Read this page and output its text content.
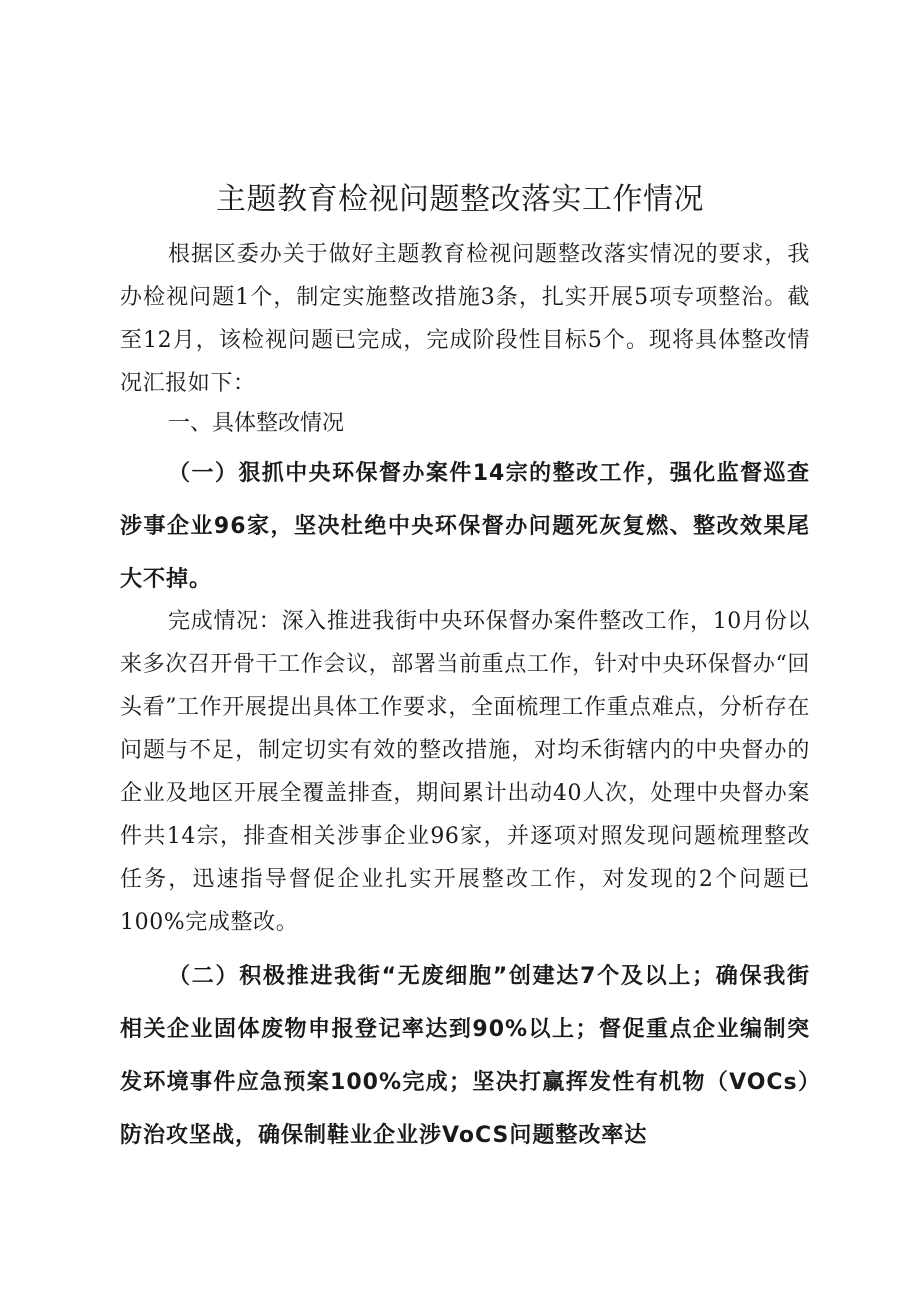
主题教育检视问题整改落实工作情况

根据区委办关于做好主题教育检视问题整改落实情况的要求，我办检视问题1个，制定实施整改措施3条，扎实开展5项专项整治。截至12月，该检视问题已完成，完成阶段性目标5个。现将具体整改情况汇报如下：

一、具体整改情况

（一）狠抓中央环保督办案件14宗的整改工作，强化监督巡查涉事企业96家，坚决杜绝中央环保督办问题死灰复燃、整改效果尾大不掉。

完成情况：深入推进我街中央环保督办案件整改工作，10月份以来多次召开骨干工作会议，部署当前重点工作，针对中央环保督办“回头看”工作开展提出具体工作要求，全面梳理工作重点难点，分析存在问题与不足，制定切实有效的整改措施，对均禾街辖内的中央督办的企业及地区开展全覆盖排查，期间累计出动40人次，处理中央督办案件共14宗，排查相关涉事企业96家，并逐项对照发现问题梳理整改任务，迅速指导督促企业扎实开展整改工作，对发现的2个问题已100%完成整改。

（二）积极推进我街“无废细胞”创建达7个及以上；确保我街相关企业固体废物申报登记率达到90%以上；督促重点企业编制突发环境事件应急预案100%完成；坚决打赢挥发性有机物（VOCs）防治攻坚战，确保制鞋业企业涉VoCS问题整改率达
